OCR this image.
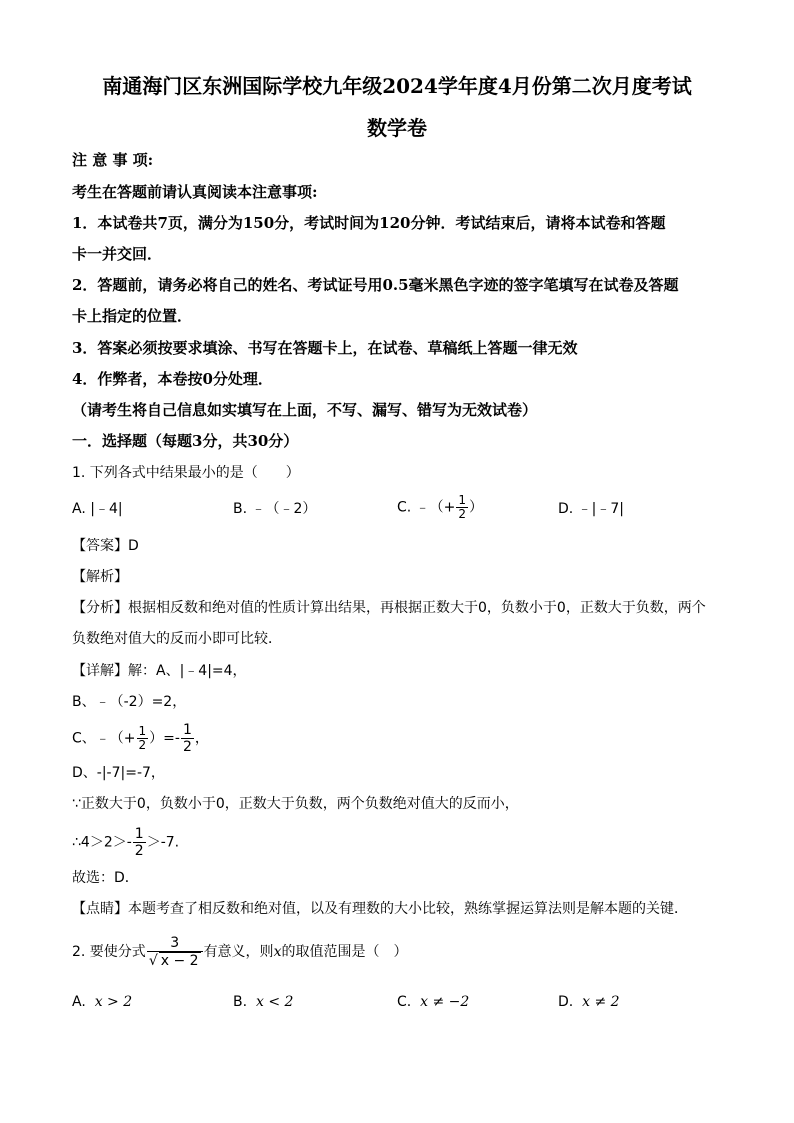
南通海门区东洲国际学校九年级2024学年度4月份第二次月度考试
数学卷
注 意 事 项:
考生在答题前请认真阅读本注意事项:
1．本试卷共7页，满分为150分，考试时间为120分钟．考试结束后，请将本试卷和答题
卡一并交回．
2．答题前，请务必将自己的姓名、考试证号用0.5毫米黑色字迹的签字笔填写在试卷及答题
卡上指定的位置．
3．答案必须按要求填涂、书写在答题卡上，在试卷、草稿纸上答题一律无效
4．作弊者，本卷按0分处理．
（请考生将自己信息如实填写在上面，不写、漏写、错写为无效试卷）
一．选择题（每题3分，共30分）
1. 下列各式中结果最小的是（　　）
A. |﹣4|	B. ﹣（﹣2）	C. ﹣（+ $\frac{1}{2}$ ）	D. ﹣|﹣7|
【答案】D
【解析】
【分析】根据相反数和绝对值的性质计算出结果，再根据正数大于0，负数小于0，正数大于负数，两个
负数绝对值大的反而小即可比较．
【详解】解：A、|﹣4|=4，
B、﹣（-2）=2，
C、﹣（+ $\frac{1}{2}$ ）=- $\frac{1}{2}$ ，
D、-|-7|=-7，
∵正数大于0，负数小于0，正数大于负数，两个负数绝对值大的反而小，
∴4＞2＞- $\frac{1}{2} >-7$.
故选：D．
【点睛】本题考查了相反数和绝对值，以及有理数的大小比较，熟练掌握运算法则是解本题的关键．
2. 要使分式 $\frac{3}{√ x - 2}$ 有意义，则x的取值范围是（　）
A. x > 2	B. x < 2	C. x ≠ −2	D. x ≠ 2
